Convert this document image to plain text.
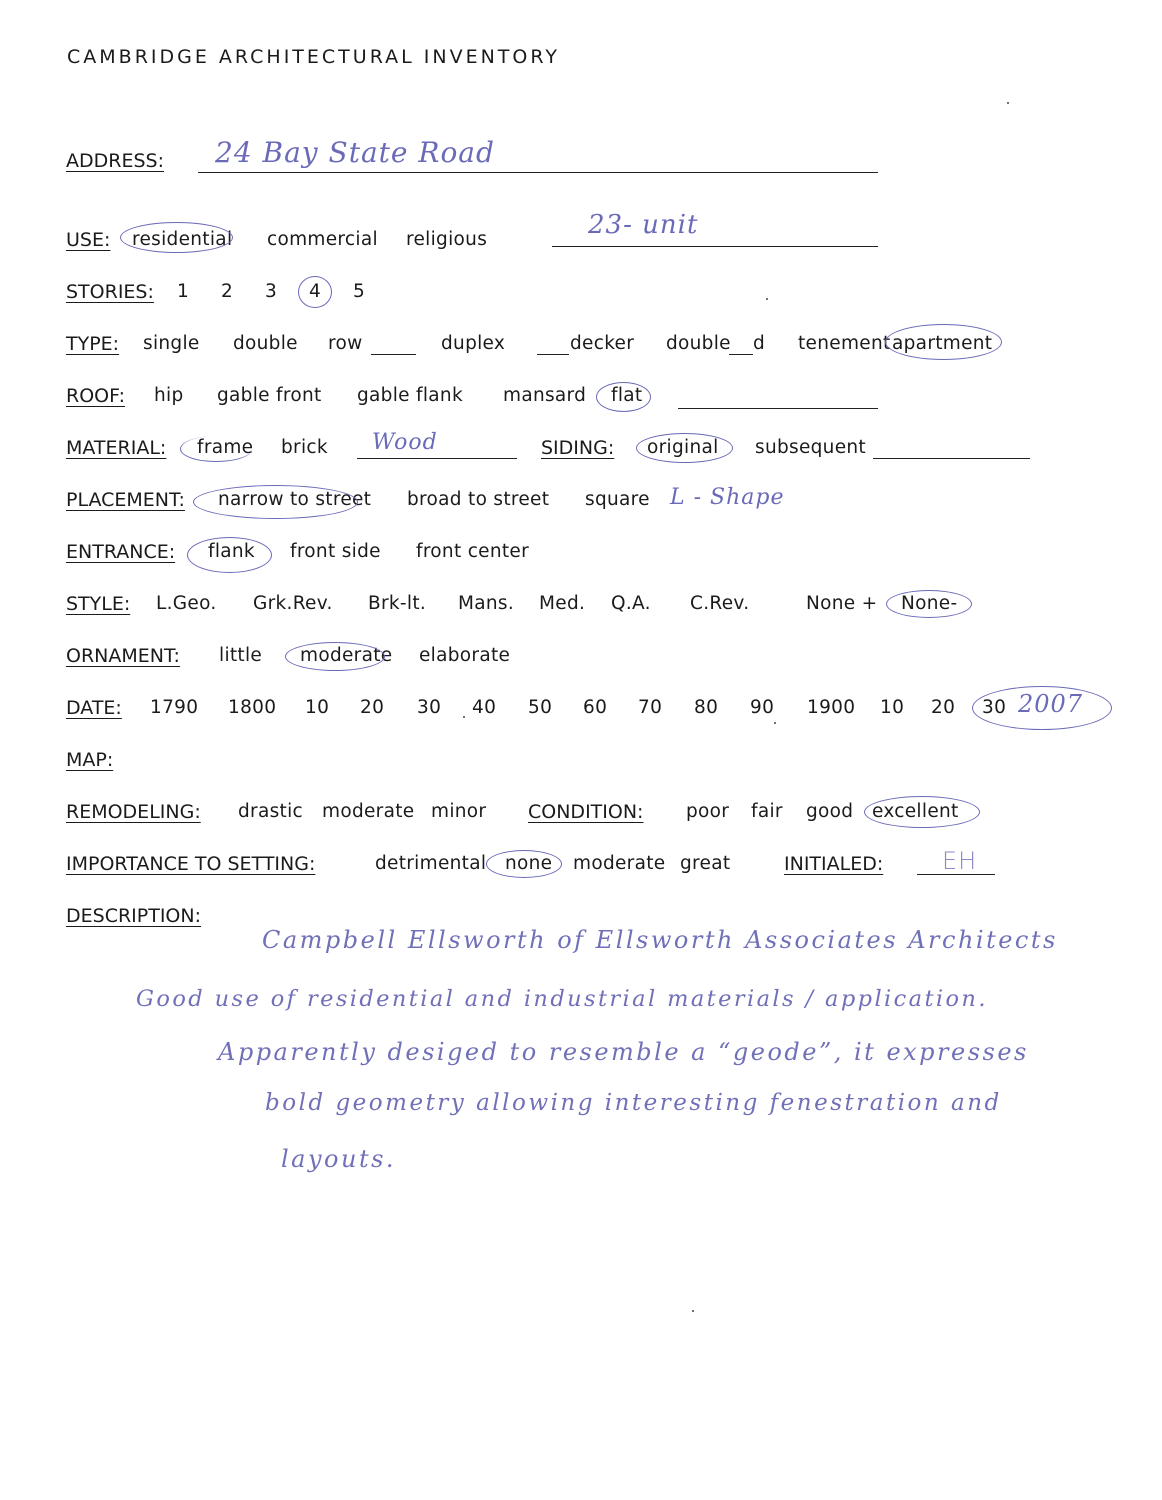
CAMBRIDGE ARCHITECTURAL INVENTORY
ADDRESS: 24 Bay State Road
USE: residential commercial religious	23- unit
STORIES: 1 2 3 4 5
TYPE: single double row	duplex	decker double d tenement apartment
ROOF: hip gable front gable flank mansard flat
MATERIAL: frame brick Wood	SIDING: original subsequent
PLACEMENT: narrow to street broad to street square L - Shape
ENTRANCE: flank front side front center
STYLE: L.Geo. Grk.Rev. Brk-lt. Mans. Med. Q.A. C.Rev.	None + None-
ORNAMENT: little moderate elaborate
DATE: 1790 1800 10 20 30 40 50 60 70 80 90 1900 10 20 30 2007
MAP:
REMODELING: drastic moderate minor CONDITION: poor fair good excellent
IMPORTANCE TO SETTING:	detrimental none moderate great	INITIALED: EH
DESCRIPTION:
Campbell Ellsworth of Ellsworth Associates Architects
Good use of residential and industrial materials / application.
Apparently desiged to resemble a “geode”, it expresses
bold geometry allowing interesting fenestration and
layouts.
